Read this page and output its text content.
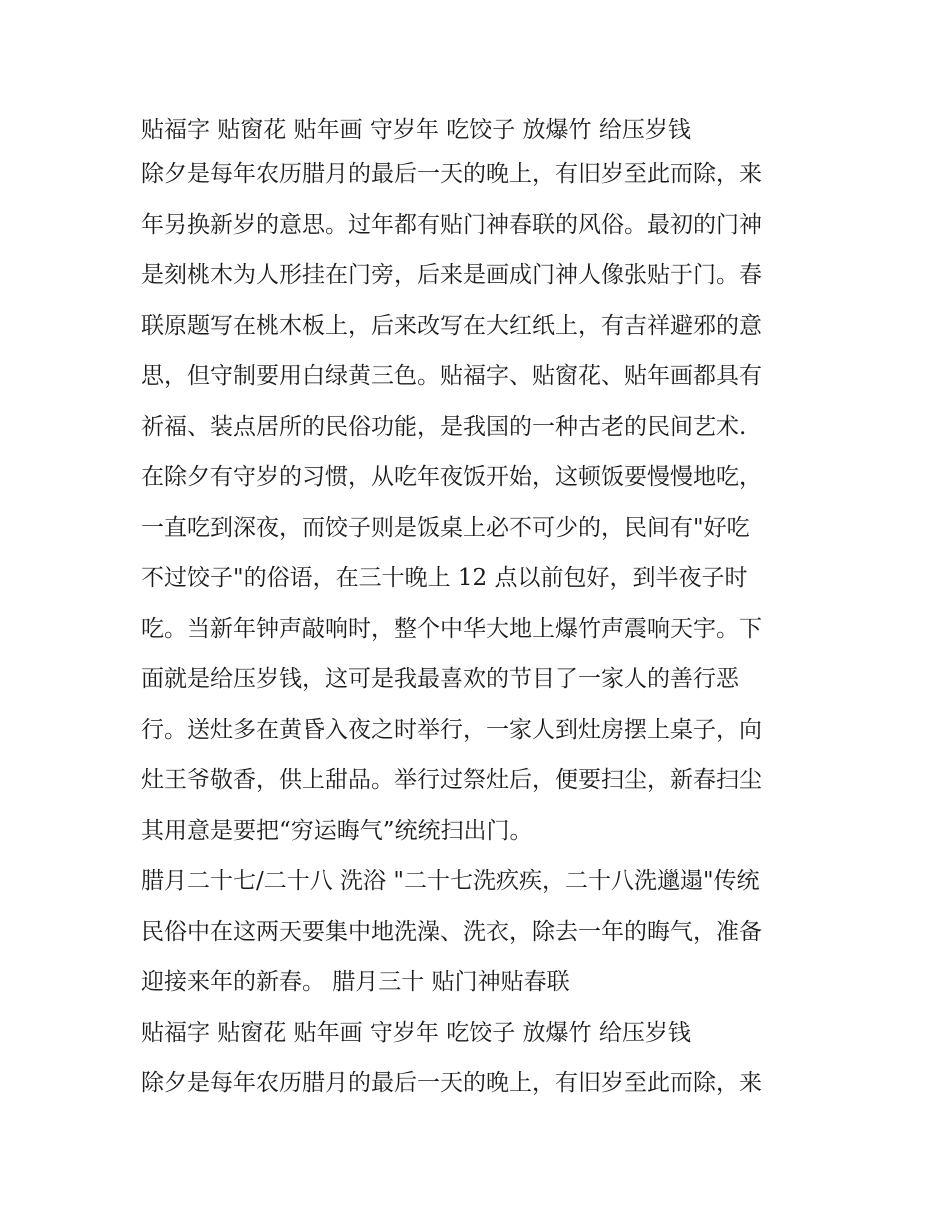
贴福字 贴窗花 贴年画 守岁年 吃饺子 放爆竹 给压岁钱
除夕是每年农历腊月的最后一天的晚上，有旧岁至此而除，来
年另换新岁的意思。过年都有贴门神春联的风俗。最初的门神
是刻桃木为人形挂在门旁，后来是画成门神人像张贴于门。春
联原题写在桃木板上，后来改写在大红纸上，有吉祥避邪的意
思，但守制要用白绿黄三色。贴福字、贴窗花、贴年画都具有
祈福、装点居所的民俗功能，是我国的一种古老的民间艺术.
在除夕有守岁的习惯，从吃年夜饭开始，这顿饭要慢慢地吃，
一直吃到深夜，而饺子则是饭桌上必不可少的，民间有"好吃
不过饺子"的俗语，在三十晚上 12 点以前包好，到半夜子时
吃。当新年钟声敲响时，整个中华大地上爆竹声震响天宇。下
面就是给压岁钱，这可是我最喜欢的节目了一家人的善行恶
行。送灶多在黄昏入夜之时举行，一家人到灶房摆上桌子，向
灶王爷敬香，供上甜品。举行过祭灶后，便要扫尘，新春扫尘
其用意是要把“穷运晦气”统统扫出门。
腊月二十七/二十八 洗浴 "二十七洗疚疾，二十八洗邋遢"传统
民俗中在这两天要集中地洗澡、洗衣，除去一年的晦气，准备
迎接来年的新春。 腊月三十 贴门神贴春联
贴福字 贴窗花 贴年画 守岁年 吃饺子 放爆竹 给压岁钱
除夕是每年农历腊月的最后一天的晚上，有旧岁至此而除，来
